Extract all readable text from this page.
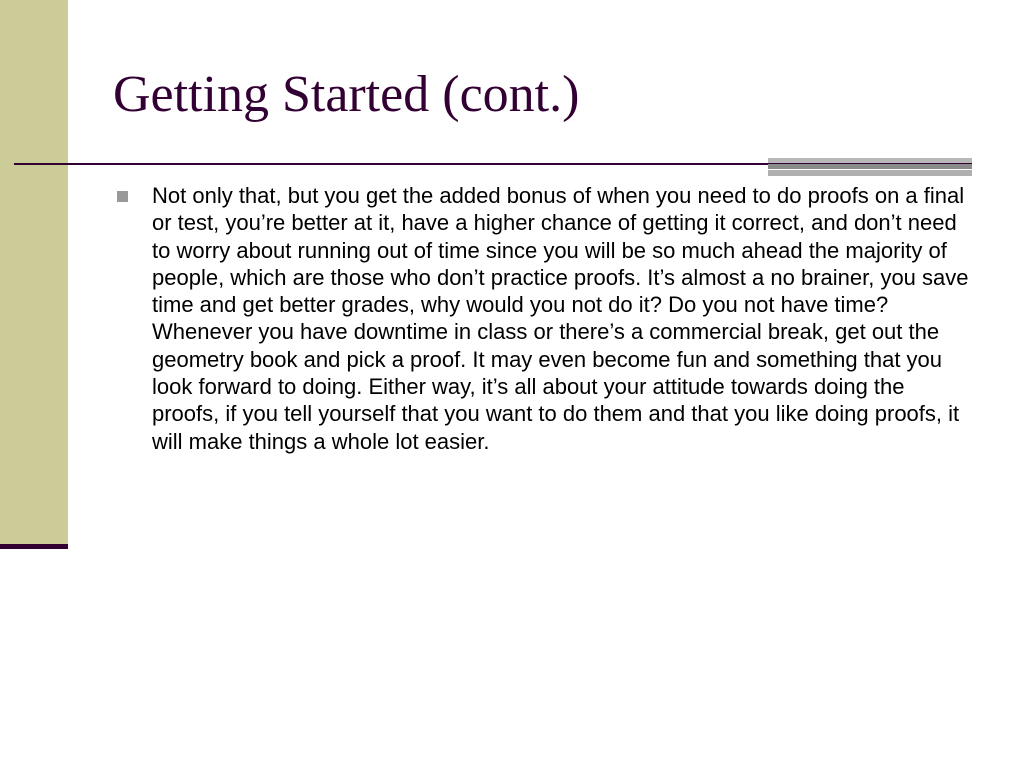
Getting Started (cont.)
Not only that, but you get the added bonus of when you need to do proofs on a final or test, you’re better at it, have a higher chance of getting it correct, and don’t need to worry about running out of time since you will be so much ahead the majority of people, which are those who don’t practice proofs. It’s almost a no brainer, you save time and get better grades, why would you not do it? Do you not have time? Whenever you have downtime in class or there’s a commercial break, get out the geometry book and pick a proof. It may even become fun and something that you look forward to doing. Either way, it’s all about your attitude towards doing the proofs, if you tell yourself that you want to do them and that you like doing proofs, it will make things a whole lot easier.
